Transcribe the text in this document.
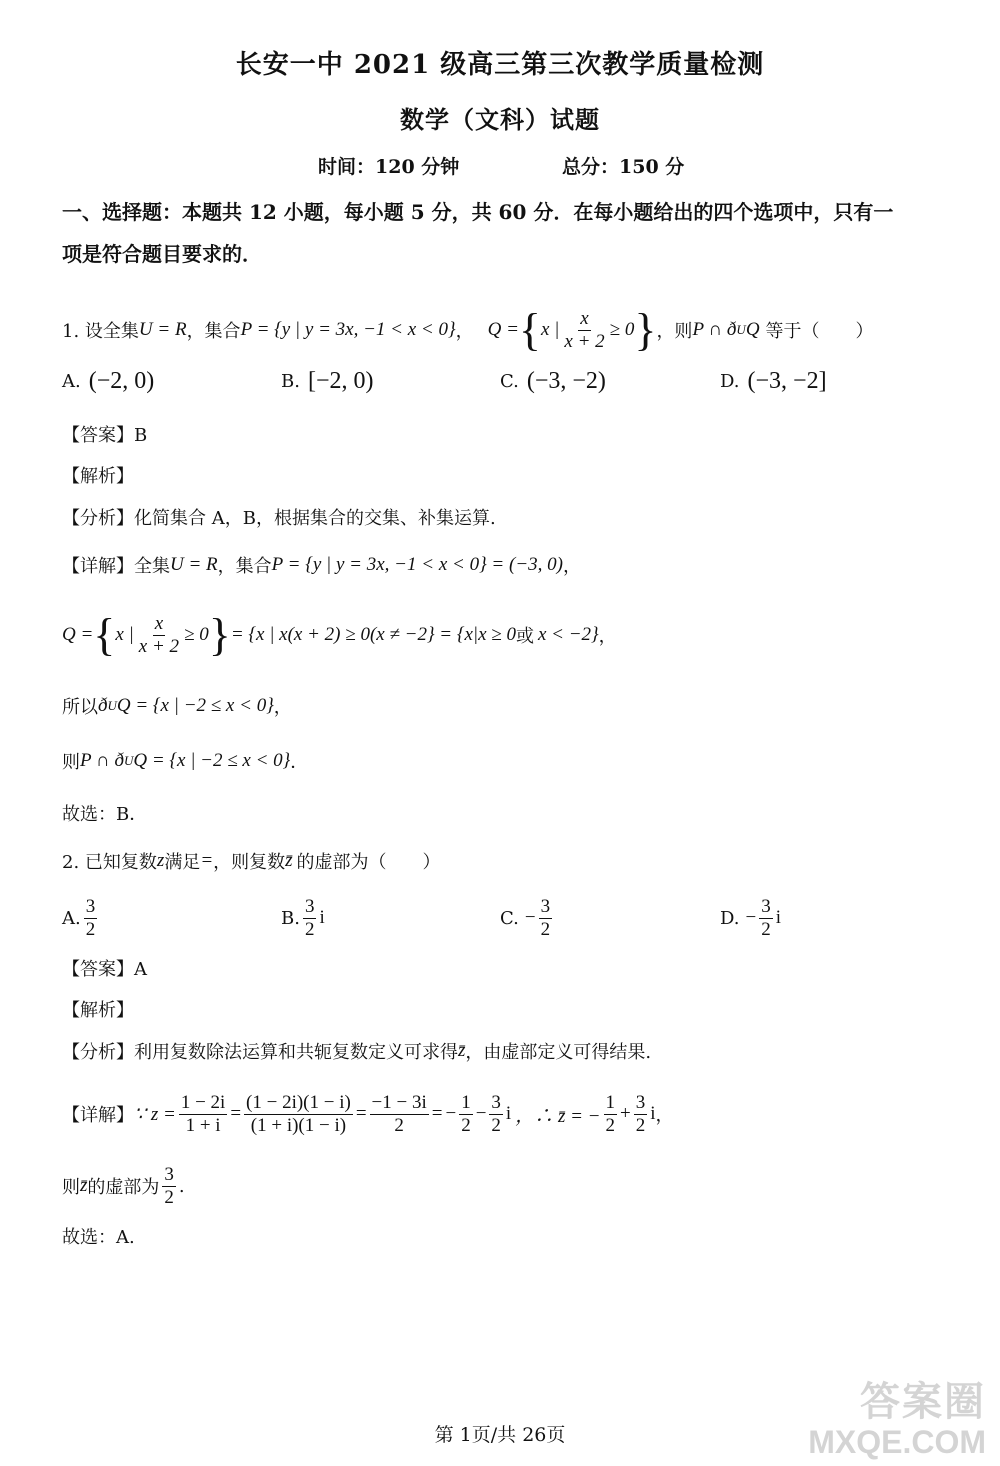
长安一中 2021 级高三第三次教学质量检测
数学（文科）试题
时间：120 分钟	总分：150 分
一、选择题：本题共 12 小题，每小题 5 分，共 60 分．在每小题给出的四个选项中，只有一
项是符合题目要求的．
1. 设全集 U = R ，集合 P = {y | y = 3x, −1 < x < 0} ， Q = { x | $\frac{x}{x + 2} \ge 0$ } ，则 P ∩ ð U Q 等于（　　）
A. (−2, 0)	B. [−2, 0)	C. (−3, −2)	D. (−3, −2]
【答案】B
【解析】
【分析】化简集合 A，B，根据集合的交集、补集运算.
【详解】全集 U = R ，集合 P = {y | y = 3x, −1 < x < 0} = (−3, 0) ，
Q = { x | $\frac{x}{x + 2} \ge 0$ } = {x | x(x + 2) ≥ 0(x ≠ −2} = {x|x ≥ 0 或 x < −2} ，
所以 ð U Q = {x | −2 ≤ x < 0} ，
则 P ∩ ð U Q = {x | −2 ≤ x < 0} ．
故选：B．
2. 已知复数 z 满足 = ，则复数 z̄ 的虚部为（　　）
A. $\frac{3}{2}$	B. $\frac{3}{2}$ i	C. − $\frac{3}{2}$	D. − $\frac{3}{2}$ i
【答案】A
【解析】
【分析】利用复数除法运算和共轭复数定义可求得 z̄ ，由虚部定义可得结果.
【详解】 ∵ $z = \frac{1 - 2i}{1 + i} = \frac{(1 - 2i)(1 - i)}{(1 + i)(1 - i)} = \frac{-1 - 3i}{2}$ = − $\frac{1}{2} - \frac{3}{2}$ i ，∴ z̄ = − $\frac{1}{2} + \frac{3}{2}$ i ，
则 z̄ 的虚部为 $\frac{3}{2}$ .
故选：A.
第 1页/共 26页
答案圈
MXQE.COM
